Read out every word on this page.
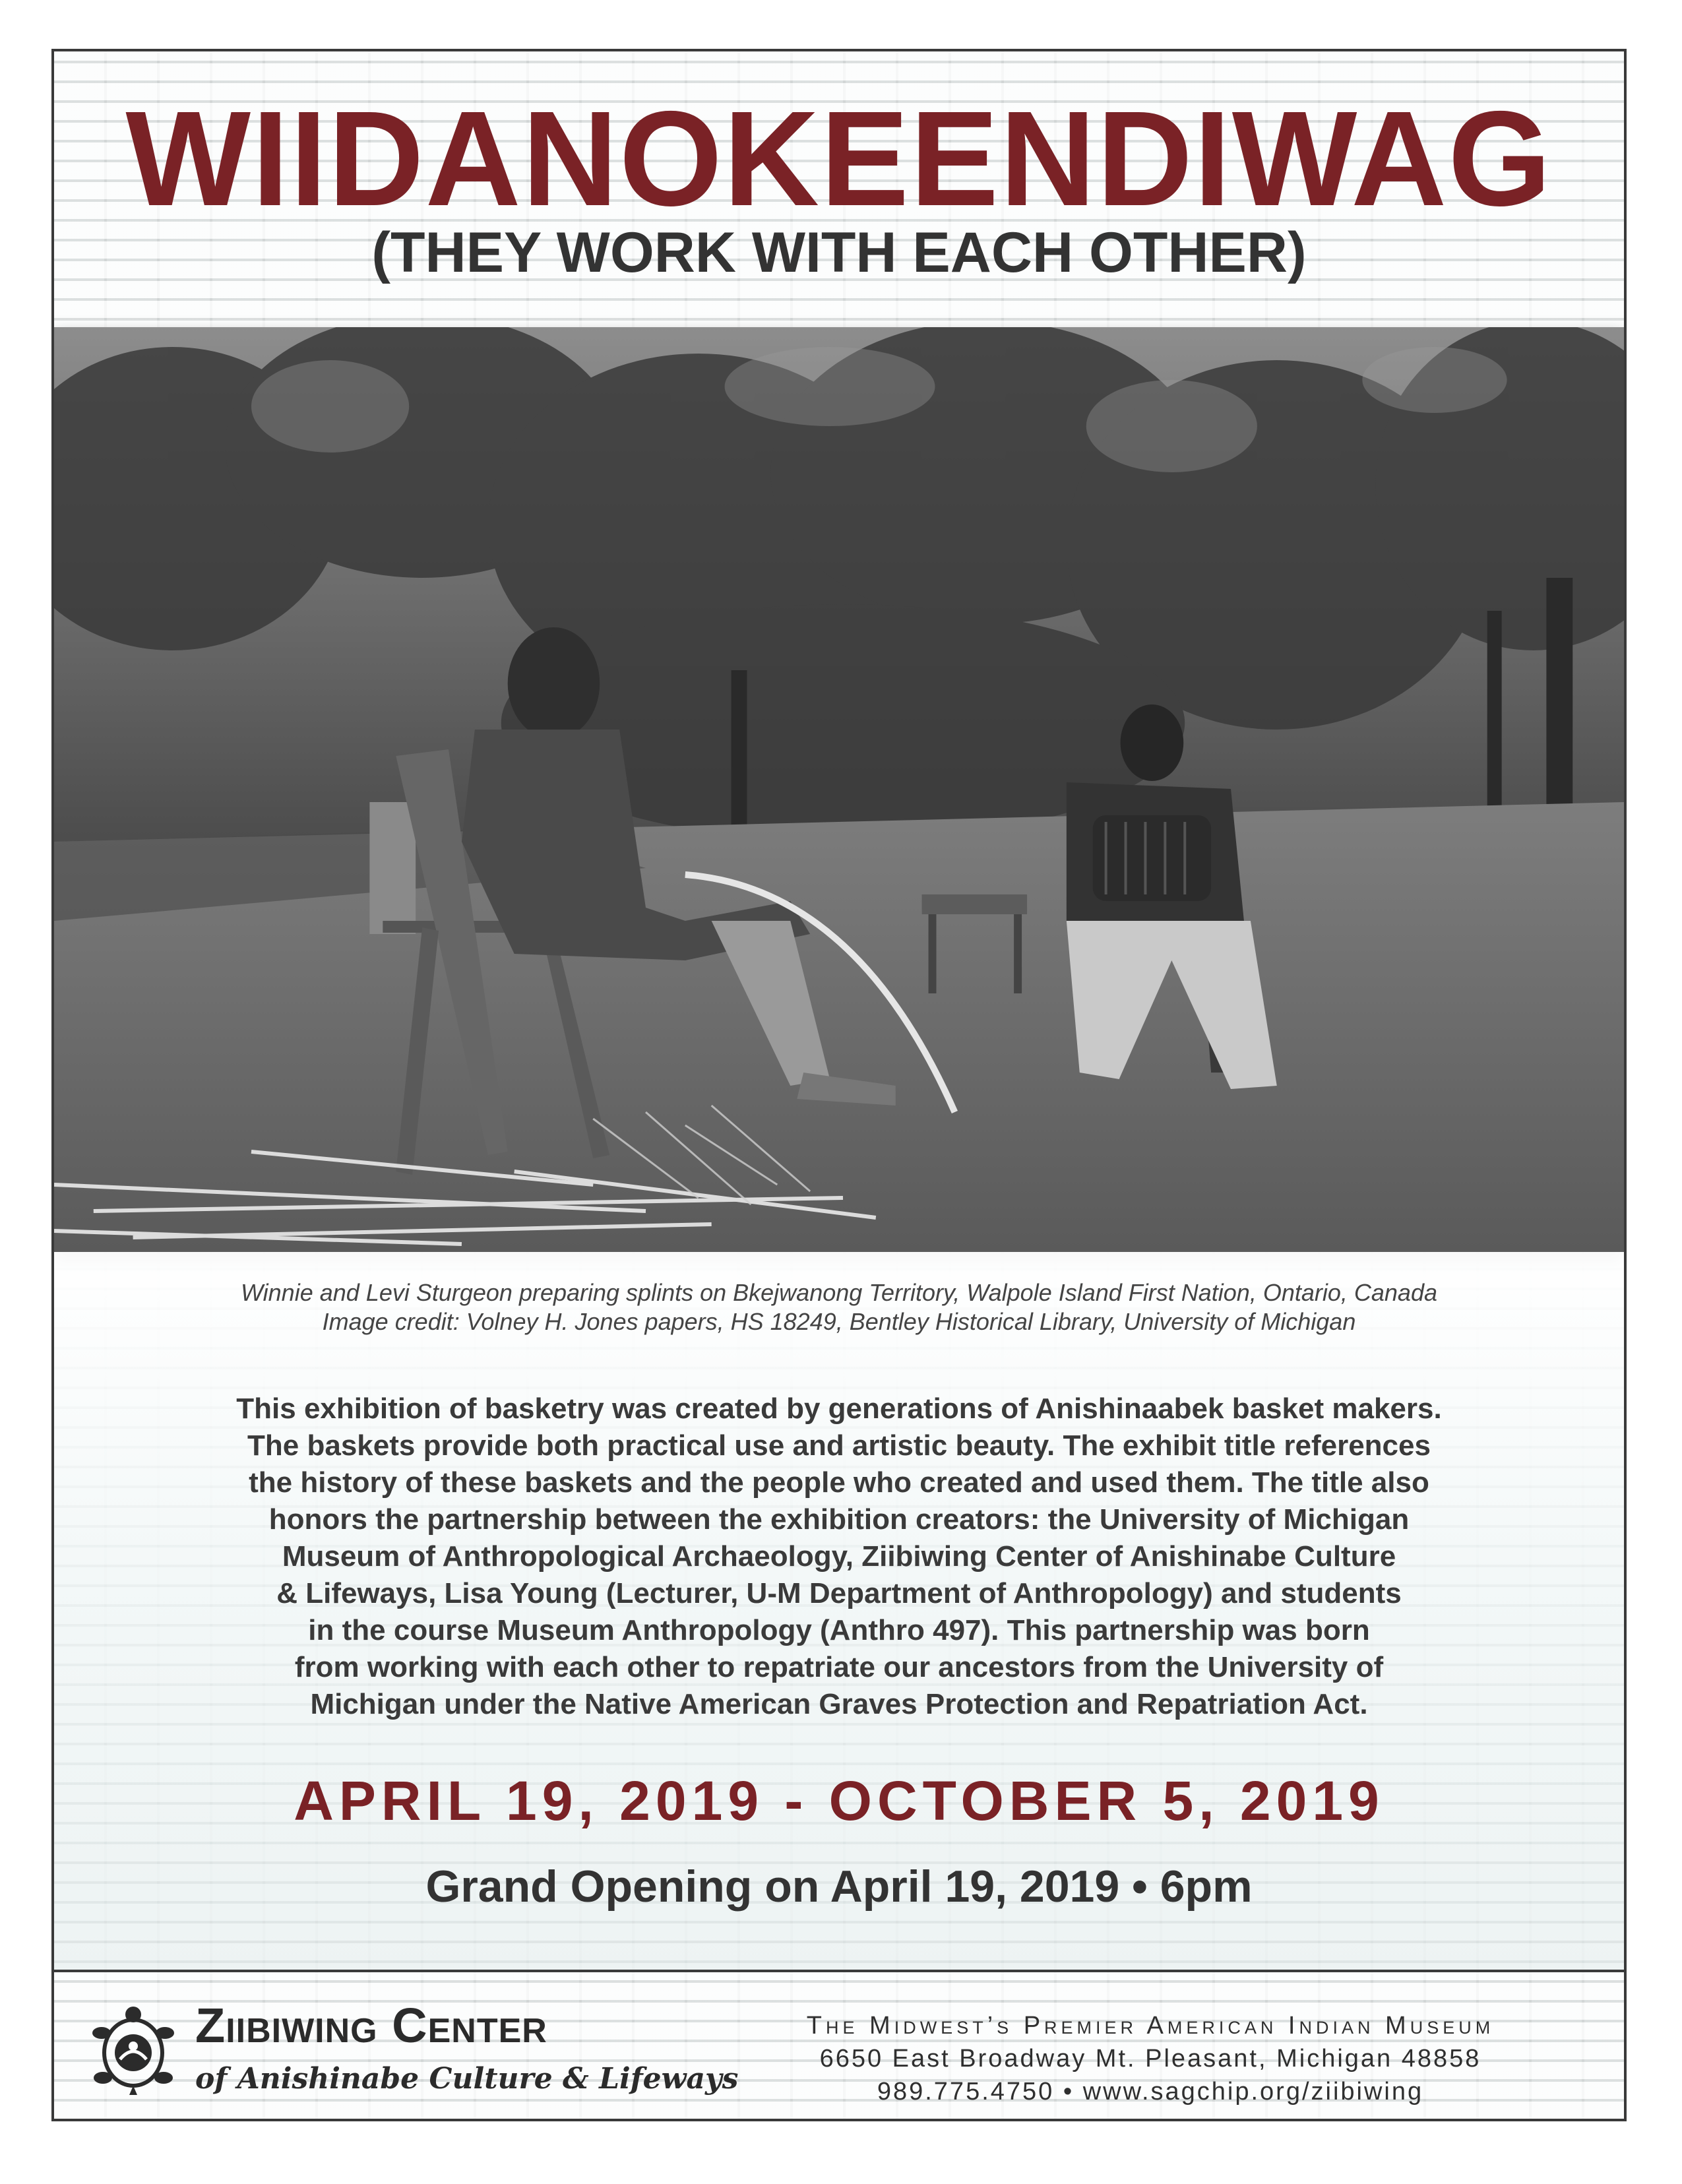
WIIDANOKEENDIWAG
(THEY WORK WITH EACH OTHER)
Winnie and Levi Sturgeon preparing splints on Bkejwanong Territory, Walpole Island First Nation, Ontario, Canada
Image credit: Volney H. Jones papers, HS 18249, Bentley Historical Library, University of Michigan
This exhibition of basketry was created by generations of Anishinaabek basket makers.
The baskets provide both practical use and artistic beauty. The exhibit title references
the history of these baskets and the people who created and used them. The title also
honors the partnership between the exhibition creators: the University of Michigan
Museum of Anthropological Archaeology, Ziibiwing Center of Anishinabe Culture
& Lifeways, Lisa Young (Lecturer, U-M Department of Anthropology) and students
in the course Museum Anthropology (Anthro 497). This partnership was born
from working with each other to repatriate our ancestors from the University of
Michigan under the Native American Graves Protection and Repatriation Act.
APRIL 19, 2019 - OCTOBER 5, 2019
Grand Opening on April 19, 2019 • 6pm
Ziibiwing Center
of Anishinabe Culture & Lifeways
The Midwest’s Premier American Indian Museum
6650 East Broadway Mt. Pleasant, Michigan 48858
989.775.4750 • www.sagchip.org/ziibiwing
